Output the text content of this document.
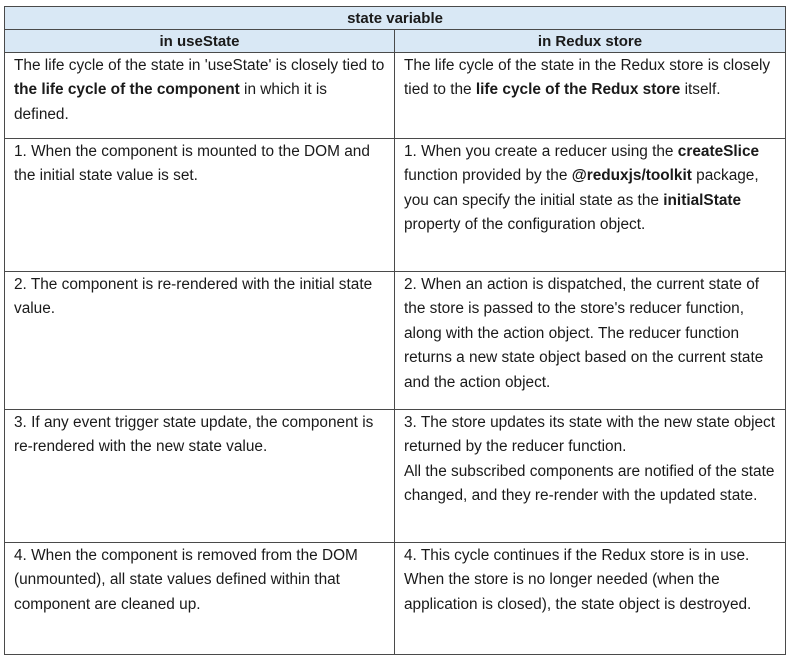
state variable	
in useState	in Redux store
The life cycle of the state in 'useState' is closely tied to the life cycle of the component in which it is defined.	The life cycle of the state in the Redux store is closely tied to the life cycle of the Redux store itself.
1. When the component is mounted to the DOM and the initial state value is set.	1. When you create a reducer using the createSlice function provided by the @reduxjs/toolkit package, you can specify the initial state as the initialState property of the configuration object.
2. The component is re-rendered with the initial state value.	2. When an action is dispatched, the current state of the store is passed to the store's reducer function, along with the action object. The reducer function returns a new state object based on the current state and the action object.
3. If any event trigger state update, the component is re-rendered with the new state value.	3. The store updates its state with the new state object returned by the reducer function.
All the subscribed components are notified of the state changed, and they re-render with the updated state.
4. When the component is removed from the DOM (unmounted), all state values defined within that component are cleaned up.	4. This cycle continues if the Redux store is in use. When the store is no longer needed (when the application is closed), the state object is destroyed.
